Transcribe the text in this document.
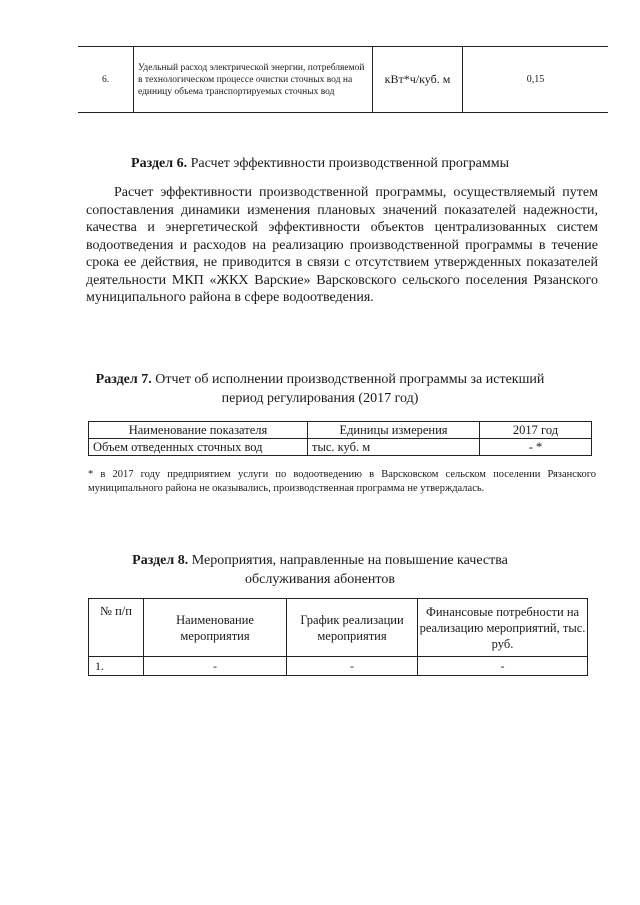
6.	Удельный расход электрической энергии, потребляемой в технологическом процессе очистки сточных вод на единицу объема транспортируемых сточных вод	кВт*ч/куб. м	0,15
Раздел 6. Расчет эффективности производственной программы

Расчет эффективности производственной программы, осуществляемый путем сопоставления динамики изменения плановых значений показателей надежности, качества и энергетической эффективности объектов централизованных систем водоотведения и расходов на реализацию производственной программы в течение срока ее действия, не приводится в связи с отсутствием утвержденных показателей деятельности МКП «ЖКХ Варские» Варсковского сельского поселения Рязанского муниципального района в сфере водоотведения.

Раздел 7. Отчет об исполнении производственной программы за истекший
период регулирования (2017 год)
Наименование показателя	Единицы измерения	2017 год
Объем отведенных сточных вод	тыс. куб. м	- *

* в 2017 году предприятием услуги по водоотведению в Варсковском сельском поселении Рязанского муниципального района не оказывались, производственная программа не утверждалась.

Раздел 8. Мероприятия, направленные на повышение качества
обслуживания абонентов
№ п/п	Наименование мероприятия	График реализации мероприятия	Финансовые потребности на реализацию мероприятий, тыс. руб.
1.	-	-	-
